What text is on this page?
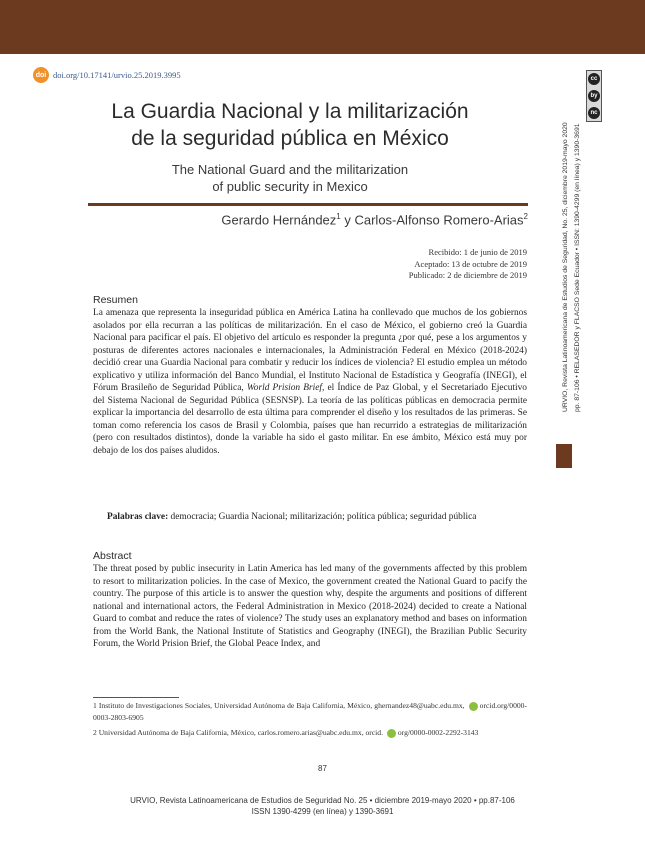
doi doi.org/10.17141/urvio.25.2019.3995
La Guardia Nacional y la militarización
de la seguridad pública en México
The National Guard and the militarization
of public security in Mexico
Gerardo Hernández$^1$ y Carlos-Alfonso Romero-Arias$^2$
Recibido: 1 de junio de 2019
Aceptado: 13 de octubre de 2019
Publicado: 2 de diciembre de 2019
Resumen
La amenaza que representa la inseguridad pública en América Latina ha conllevado que muchos de los gobiernos asolados por ella recurran a las políticas de militarización. En el caso de México, el gobierno creó la Guardia Nacional para pacificar el país. El objetivo del artículo es responder la pregunta ¿por qué, pese a los argumentos y posturas de diferentes actores nacionales e internacionales, la Administración Federal en México (2018-2024) decidió crear una Guardia Nacional para combatir y reducir los índices de violencia? El estudio emplea un método explicativo y utiliza información del Banco Mundial, el Instituto Nacional de Estadística y Geografía (INEGI), el Fórum Brasileño de Seguridad Pública, World Prision Brief, el Índice de Paz Global, y el Secretariado Ejecutivo del Sistema Nacional de Seguridad Pública (SESNSP). La teoría de las políticas públicas en democracia permite explicar la importancia del desarrollo de esta última para comprender el diseño y los resultados de las primeras. Se toman como referencia los casos de Brasil y Colombia, países que han recurrido a estrategias de militarización (pero con resultados distintos), donde la variable ha sido el gasto militar. En ese ámbito, México está muy por debajo de los dos países aludidos.
Palabras clave: democracia; Guardia Nacional; militarización; política pública; seguridad pública
Abstract
The threat posed by public insecurity in Latin America has led many of the governments affected by this problem to resort to militarization policies. In the case of Mexico, the government created the National Guard to pacify the country. The purpose of this article is to answer the question why, despite the arguments and positions of different national and international actors, the Federal Administration in Mexico (2018-2024) decided to create a National Guard to combat and reduce the rates of violence? The study uses an explanatory method and bases on information from the World Bank, the National Institute of Statistics and Geography (INEGI), the Brazilian Public Security Forum, the World Prision Brief, the Global Peace Index, and
1 Instituto de Investigaciones Sociales, Universidad Autónoma de Baja California, México, ghernandez48@uabc.edu.mx, orcid.org/0000-0003-2803-6905
2 Universidad Autónoma de Baja California, México, carlos.romero.arias@uabc.edu.mx, orcid. org/0000-0002-2292-3143
87
URVIO, Revista Latinoamericana de Estudios de Seguridad No. 25 • diciembre 2019-mayo 2020 • pp.87-106
ISSN 1390-4299 (en línea) y 1390-3691
URVIO, Revista Latinoamericana de Estudios de Seguridad, No. 25, diciembre 2019-mayo 2020 pp. 87-106 • RELASEDOR y FLACSO Sede Ecuador • ISSN: 1390-4299 (en línea) y 1390-3691
cc
by
nc
